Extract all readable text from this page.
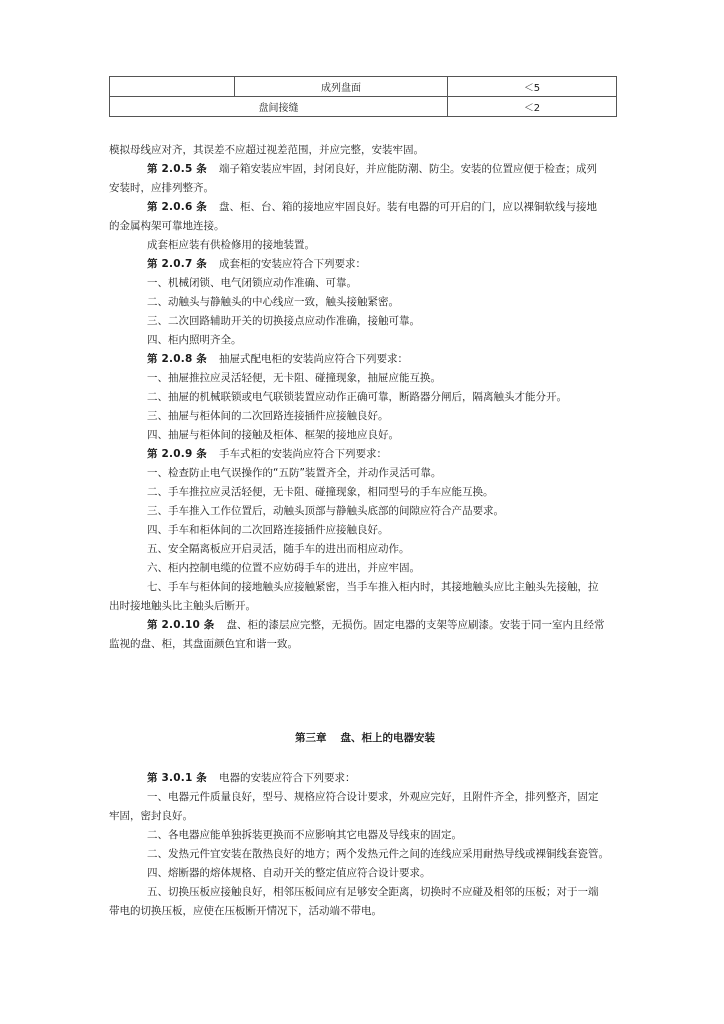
	成列盘面	＜5
盘间接缝		＜2

模拟母线应对齐，其误差不应超过视差范围，并应完整，安装牢固。

第 2.0.5 条 端子箱安装应牢固，封闭良好，并应能防潮、防尘。安装的位置应便于检查；成列

安装时，应排列整齐。

第 2.0.6 条 盘、柜、台、箱的接地应牢固良好。装有电器的可开启的门，应以裸铜软线与接地

的金属构架可靠地连接。

成套柜应装有供检修用的接地装置。

第 2.0.7 条 成套柜的安装应符合下列要求：

一、机械闭锁、电气闭锁应动作准确、可靠。

二、动触头与静触头的中心线应一致，触头接触紧密。

三、二次回路辅助开关的切换接点应动作准确，接触可靠。

四、柜内照明齐全。

第 2.0.8 条 抽屉式配电柜的安装尚应符合下列要求：

一、抽屉推拉应灵活轻便，无卡阻、碰撞现象，抽屉应能互换。

二、抽屉的机械联锁或电气联锁装置应动作正确可靠，断路器分闸后，隔离触头才能分开。

三、抽屉与柜体间的二次回路连接插件应接触良好。

四、抽屉与柜体间的接触及柜体、框架的接地应良好。

第 2.0.9 条 手车式柜的安装尚应符合下列要求：

一、检查防止电气误操作的“五防”装置齐全，并动作灵活可靠。

二、手车推拉应灵活轻便，无卡阻、碰撞现象，相同型号的手车应能互换。

三、手车推入工作位置后，动触头顶部与静触头底部的间隙应符合产品要求。

四、手车和柜体间的二次回路连接插件应接触良好。

五、安全隔离板应开启灵活，随手车的进出而相应动作。

六、柜内控制电缆的位置不应妨碍手车的进出，并应牢固。

七、手车与柜体间的接地触头应接触紧密，当手车推入柜内时，其接地触头应比主触头先接触，拉

出时接地触头比主触头后断开。

第 2.0.10 条 盘、柜的漆层应完整，无损伤。固定电器的支架等应刷漆。安装于同一室内且经常

监视的盘、柜，其盘面颜色宜和谐一致。

第三章 盘、柜上的电器安装

第 3.0.1 条 电器的安装应符合下列要求：

一、电器元件质量良好，型号、规格应符合设计要求，外观应完好，且附件齐全，排列整齐，固定

牢固，密封良好。

二、各电器应能单独拆装更换而不应影响其它电器及导线束的固定。

二、发热元件宜安装在散热良好的地方；两个发热元件之间的连线应采用耐热导线或裸铜线套瓷管。

四、熔断器的熔体规格、自动开关的整定值应符合设计要求。

五、切换压板应接触良好，相邻压板间应有足够安全距离，切换时不应碰及相邻的压板；对于一端

带电的切换压板，应使在压板断开情况下，活动端不带电。
